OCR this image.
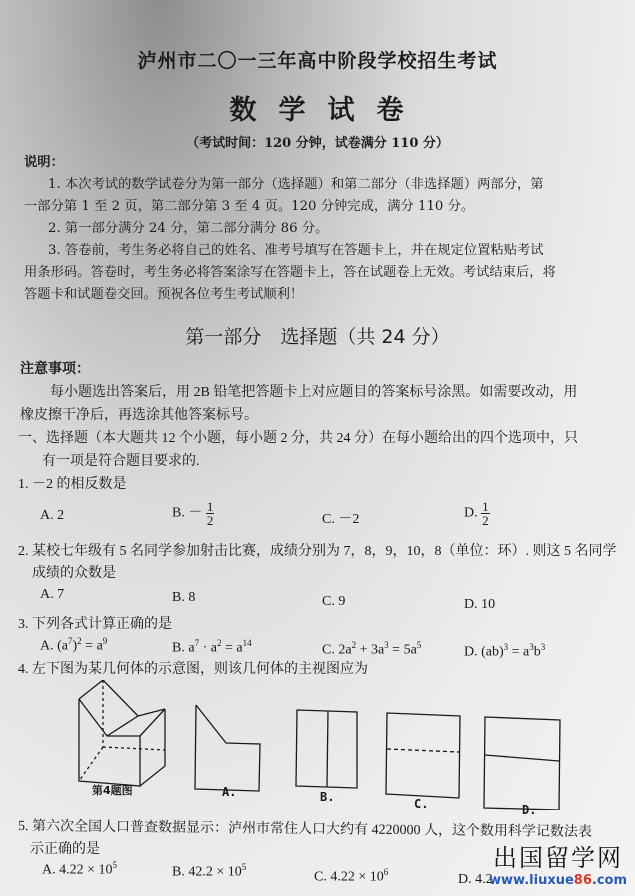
泸州市二〇一三年高中阶段学校招生考试
数学试卷
（考试时间：120 分钟，试卷满分 110 分）
说明：
1. 本次考试的数学试卷分为第一部分（选择题）和第二部分（非选择题）两部分，第
一部分第 1 至 2 页，第二部分第 3 至 4 页。120 分钟完成，满分 110 分。
2. 第一部分满分 24 分，第二部分满分 86 分。
3. 答卷前，考生务必将自己的姓名、准考号填写在答题卡上，并在规定位置粘贴考试
用条形码。答卷时，考生务必将答案涂写在答题卡上，答在试题卷上无效。考试结束后，将
答题卡和试题卷交回。预祝各位考生考试顺利！
第一部分　选择题（共 24 分）
注意事项：
每小题选出答案后，用 2B 铅笔把答题卡上对应题目的答案标号涂黑。如需要改动，用
橡皮擦干净后，再选涂其他答案标号。
一、选择题（本大题共 12 个小题，每小题 2 分，共 24 分）在每小题给出的四个选项中，只
有一项是符合题目要求的.
1. －2 的相反数是
A. 2	B. － $\frac{1}{2}$	C. －2	D. $\frac{1}{2}$
2. 某校七年级有 5 名同学参加射击比赛，成绩分别为 7，8，9，10，8（单位：环）. 则这 5 名同学
成绩的众数是
A. 7	B. 8	C. 9	D. 10
3. 下列各式计算正确的是
A. $(a^7)^2 = a^9$	B. $a^7 \cdot a^2 = a^{14}$	C. $2a^2 + 3a^3 = 5a^5$	D. $(ab)^3 = a^3b^3$
4. 左下图为某几何体的示意图，则该几何体的主视图应为
第4题图	A.	B.	C.	D.
5. 第六次全国人口普查数据显示：泸州市常住人口大约有 4220000 人，这个数用科学记数法表
示正确的是
A. $4.22 \times 10^5$	B. $42.2 \times 10^5$
C. $4.22 \times 10^6$	D. 4.2
出国留学网
www.liuxue86.com
